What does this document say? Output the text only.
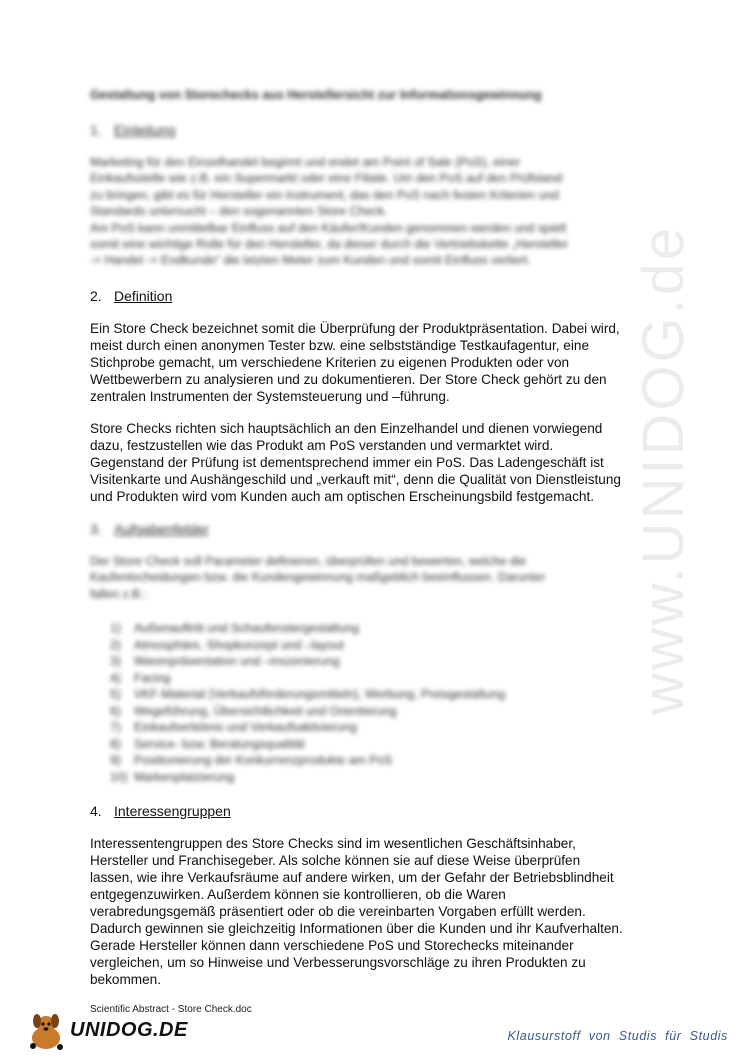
www.UNIDOG.de
Gestaltung von Storechecks aus Herstellersicht zur Informationsgewinnung
1. Einleitung
Marketing für den Einzelhandel beginnt und endet am Point of Sale (PoS), einer
Einkaufsstelle wie z.B. ein Supermarkt oder eine Filiale. Um den PoS auf den Prüfstand
zu bringen, gibt es für Hersteller ein Instrument, das den PoS nach festen Kriterien und
Standards untersucht – den sogenannten Store Check.
Am PoS kann unmittelbar Einfluss auf den Käufer/Kunden genommen werden und spielt
somit eine wichtige Rolle für den Hersteller, da dieser durch die Vertriebskette „Hersteller
-> Handel -> Endkunde“ die letzten Meter zum Kunden und somit Einfluss verliert.
2. Definition
Ein Store Check bezeichnet somit die Überprüfung der Produktpräsentation. Dabei wird,
meist durch einen anonymen Tester bzw. eine selbstständige Testkaufagentur, eine
Stichprobe gemacht, um verschiedene Kriterien zu eigenen Produkten oder von
Wettbewerbern zu analysieren und zu dokumentieren. Der Store Check gehört zu den
zentralen Instrumenten der Systemsteuerung und –führung.
Store Checks richten sich hauptsächlich an den Einzelhandel und dienen vorwiegend
dazu, festzustellen wie das Produkt am PoS verstanden und vermarktet wird.
Gegenstand der Prüfung ist dementsprechend immer ein PoS. Das Ladengeschäft ist
Visitenkarte und Aushängeschild und „verkauft mit“, denn die Qualität von Dienstleistung
und Produkten wird vom Kunden auch am optischen Erscheinungsbild festgemacht.
3. Aufgabenfelder
Der Store Check soll Parameter definieren, überprüfen und bewerten, welche die
Kaufentscheidungen bzw. die Kundengewinnung maßgeblich beeinflussen. Darunter
fallen z.B.:
1) Außenauftritt und Schaufenstergestaltung
2) Atmosphäre, Shopkonzept und –layout
3) Warenpräsentation und –inszenierung
4) Facing
5) VKF-Material (Verkaufsförderungsmitteln), Werbung, Preisgestaltung
6) Wegeführung, Übersichtlichkeit und Orientierung
7) Einkaufserlebnis und Verkaufsaktivierung
8) Service- bzw. Beratungsqualität
9) Positionierung der Konkurrenzprodukte am PoS
10) Markenplatzierung
4. Interessengruppen
Interessentengruppen des Store Checks sind im wesentlichen Geschäftsinhaber,
Hersteller und Franchisegeber. Als solche können sie auf diese Weise überprüfen
lassen, wie ihre Verkaufsräume auf andere wirken, um der Gefahr der Betriebsblindheit
entgegenzuwirken. Außerdem können sie kontrollieren, ob die Waren
verabredungsgemäß präsentiert oder ob die vereinbarten Vorgaben erfüllt werden.
Dadurch gewinnen sie gleichzeitig Informationen über die Kunden und ihr Kaufverhalten.
Gerade Hersteller können dann verschiedene PoS und Storechecks miteinander
vergleichen, um so Hinweise und Verbesserungsvorschläge zu ihren Produkten zu
bekommen.
Scientific Abstract - Store Check.doc
UNIDOG.DE	Klausurstoff von Studis für Studis
